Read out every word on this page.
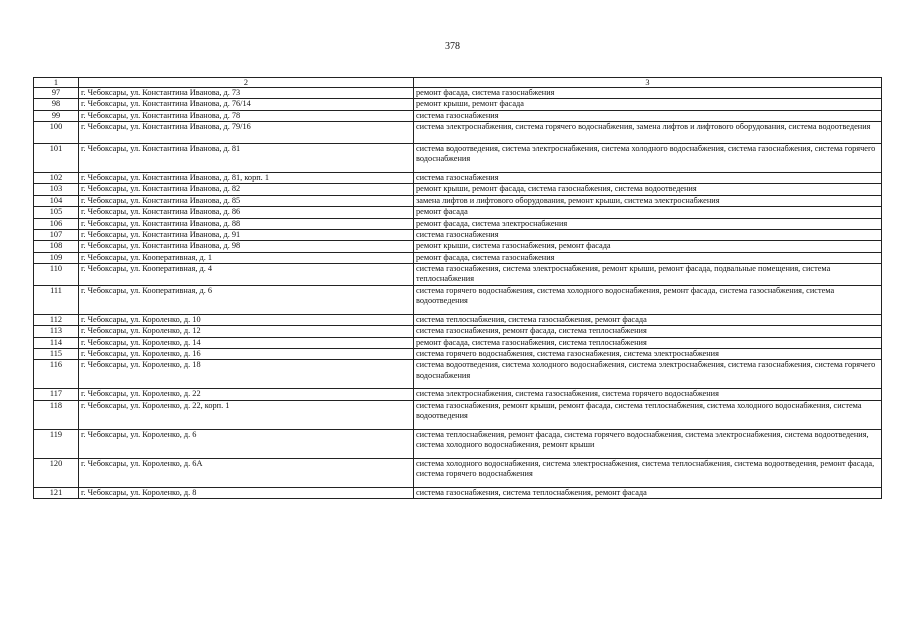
378
1	2	3
97	г. Чебоксары, ул. Константина Иванова, д. 73	ремонт фасада, система газоснабжения
98	г. Чебоксары, ул. Константина Иванова, д. 76/14	ремонт крыши, ремонт фасада
99	г. Чебоксары, ул. Константина Иванова, д. 78	система газоснабжения
100	г. Чебоксары, ул. Константина Иванова, д. 79/16	система электроснабжения, система горячего водоснабжения, замена лифтов и лифтового оборудования, система водоотведения
101	г. Чебоксары, ул. Константина Иванова, д. 81	система водоотведения, система электроснабжения, система холодного водоснабжения, система газоснабжения, система горячего водоснабжения
102	г. Чебоксары, ул. Константина Иванова, д. 81, корп. 1	система газоснабжения
103	г. Чебоксары, ул. Константина Иванова, д. 82	ремонт крыши, ремонт фасада, система газоснабжения, система водоотведения
104	г. Чебоксары, ул. Константина Иванова, д. 85	замена лифтов и лифтового оборудования, ремонт крыши, система электроснабжения
105	г. Чебоксары, ул. Константина Иванова, д. 86	ремонт фасада
106	г. Чебоксары, ул. Константина Иванова, д. 88	ремонт фасада, система электроснабжения
107	г. Чебоксары, ул. Константина Иванова, д. 91	система газоснабжения
108	г. Чебоксары, ул. Константина Иванова, д. 98	ремонт крыши, система газоснабжения, ремонт фасада
109	г. Чебоксары, ул. Кооперативная, д. 1	ремонт фасада, система газоснабжения
110	г. Чебоксары, ул. Кооперативная, д. 4	система газоснабжения, система электроснабжения, ремонт крыши, ремонт фасада, подвальные помещения, система теплоснабжения
111	г. Чебоксары, ул. Кооперативная, д. 6	система горячего водоснабжения, система холодного водоснабжения, ремонт фасада, система газоснабжения, система водоотведения
112	г. Чебоксары, ул. Короленко, д. 10	система теплоснабжения, система газоснабжения, ремонт фасада
113	г. Чебоксары, ул. Короленко, д. 12	система газоснабжения, ремонт фасада, система теплоснабжения
114	г. Чебоксары, ул. Короленко, д. 14	ремонт фасада, система газоснабжения, система теплоснабжения
115	г. Чебоксары, ул. Короленко, д. 16	система горячего водоснабжения, система газоснабжения, система электроснабжения
116	г. Чебоксары, ул. Короленко, д. 18	система водоотведения, система холодного водоснабжения, система электроснабжения, система газоснабжения, система горячего водоснабжения
117	г. Чебоксары, ул. Короленко, д. 22	система электроснабжения, система газоснабжения, система горячего водоснабжения
118	г. Чебоксары, ул. Короленко, д. 22, корп. 1	система газоснабжения, ремонт крыши, ремонт фасада, система теплоснабжения, система холодного водоснабжения, система водоотведения
119	г. Чебоксары, ул. Короленко, д. 6	система теплоснабжения, ремонт фасада, система горячего водоснабжения, система электроснабжения, система водоотведения, система холодного водоснабжения, ремонт крыши
120	г. Чебоксары, ул. Короленко, д. 6А	система холодного водоснабжения, система электроснабжения, система теплоснабжения, система водоотведения, ремонт фасада, система горячего водоснабжения
121	г. Чебоксары, ул. Короленко, д. 8	система газоснабжения, система теплоснабжения, ремонт фасада
